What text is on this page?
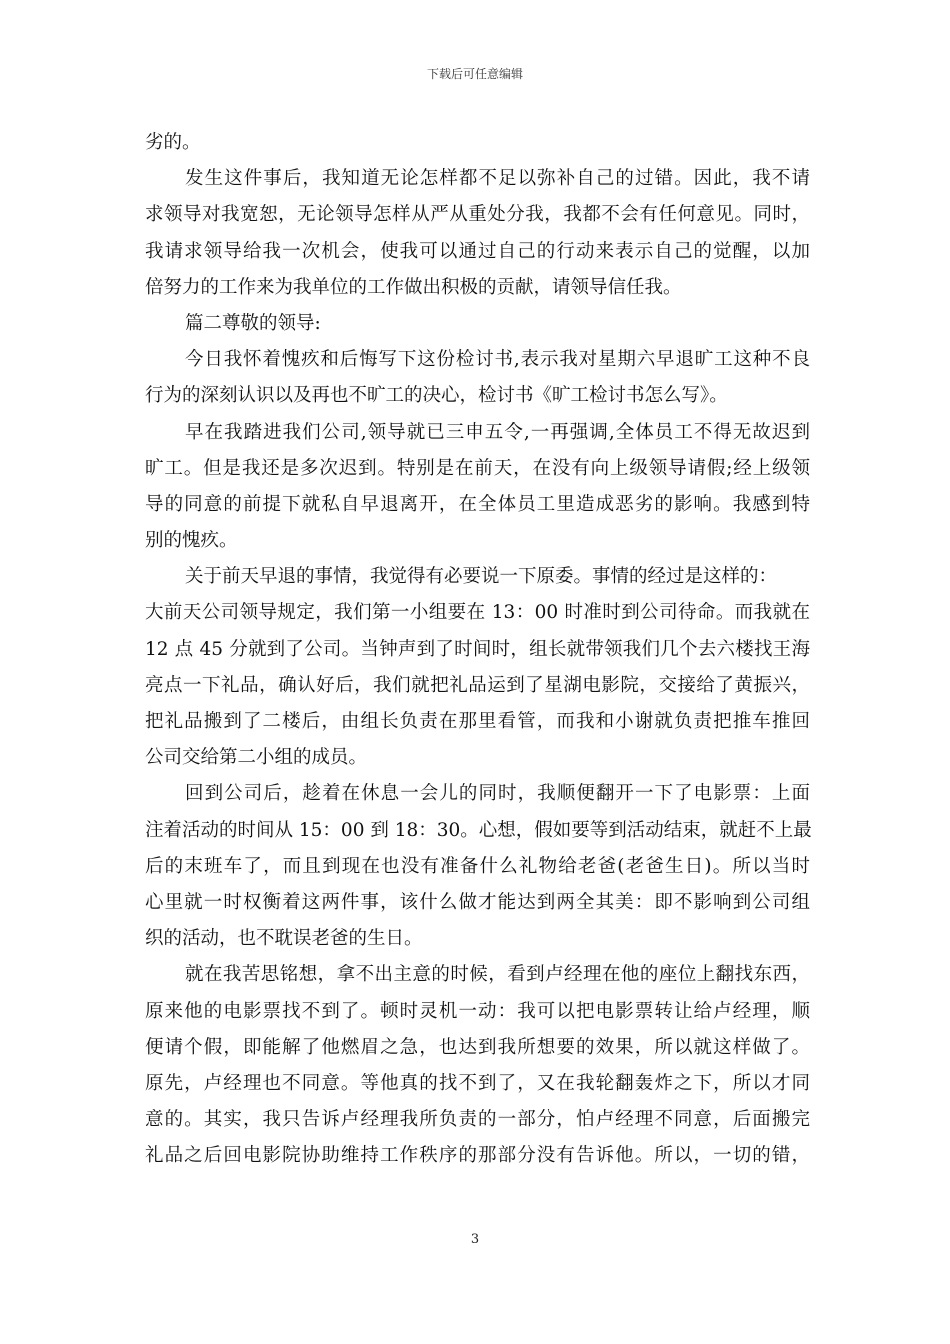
下载后可任意编辑
劣的。
发生这件事后，我知道无论怎样都不足以弥补自己的过错。因此，我不请
求领导对我宽恕，无论领导怎样从严从重处分我，我都不会有任何意见。同时，
我请求领导给我一次机会，使我可以通过自己的行动来表示自己的觉醒，以加
倍努力的工作来为我单位的工作做出积极的贡献，请领导信任我。
篇二尊敬的领导:
今日我怀着愧疚和后悔写下这份检讨书,表示我对星期六早退旷工这种不良
行为的深刻认识以及再也不旷工的决心，检讨书《旷工检讨书怎么写》。
早在我踏进我们公司,领导就已三申五令,一再强调,全体员工不得无故迟到
旷工。但是我还是多次迟到。特别是在前天，在没有向上级领导请假;经上级领
导的同意的前提下就私自早退离开，在全体员工里造成恶劣的影响。我感到特
别的愧疚。
关于前天早退的事情，我觉得有必要说一下原委。事情的经过是这样的：
大前天公司领导规定，我们第一小组要在 13：00 时准时到公司待命。而我就在
12 点 45 分就到了公司。当钟声到了时间时，组长就带领我们几个去六楼找王海
亮点一下礼品，确认好后，我们就把礼品运到了星湖电影院，交接给了黄振兴，
把礼品搬到了二楼后，由组长负责在那里看管，而我和小谢就负责把推车推回
公司交给第二小组的成员。
回到公司后，趁着在休息一会儿的同时，我顺便翻开一下了电影票：上面
注着活动的时间从 15：00 到 18：30。心想，假如要等到活动结束，就赶不上最
后的末班车了，而且到现在也没有准备什么礼物给老爸(老爸生日)。所以当时
心里就一时权衡着这两件事，该什么做才能达到两全其美：即不影响到公司组
织的活动，也不耽误老爸的生日。
就在我苦思铭想，拿不出主意的时候，看到卢经理在他的座位上翻找东西，
原来他的电影票找不到了。顿时灵机一动：我可以把电影票转让给卢经理，顺
便请个假，即能解了他燃眉之急，也达到我所想要的效果，所以就这样做了。
原先，卢经理也不同意。等他真的找不到了，又在我轮翻轰炸之下，所以才同
意的。其实，我只告诉卢经理我所负责的一部分，怕卢经理不同意，后面搬完
礼品之后回电影院协助维持工作秩序的那部分没有告诉他。所以，一切的错，
3
